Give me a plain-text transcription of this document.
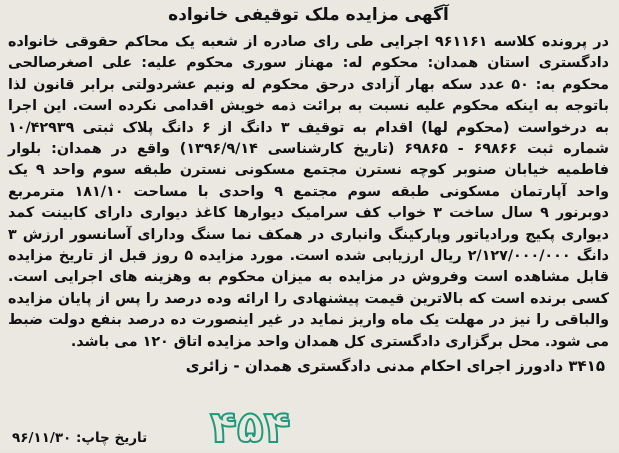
آگهی مزایده ملک توقیفی خانواده

در پرونده کلاسه ۹۶۱۱۶۱ اجرایی طی رای صادره از شعبه یک محاکم حقوقی خانواده دادگستری استان همدان: محکوم له: مهناز سوری محکوم علیه: علی اصغرصالحی محکوم به: ۵۰ عدد سکه بهار آزادی درحق محکوم له ونیم عشردولتی برابر قانون لذا باتوجه به اینکه محکوم علیه نسبت به برائت ذمه خویش اقدامی نکرده است. این اجرا به درخواست (محکوم لها) اقدام به توقیف ۳ دانگ از ۶ دانگ پلاک ثبتی ۱۰/۴۲۹۳۹ شماره ثبت ۶۹۸۶۶ - ۶۹۸۶۵ (تاریخ کارشناسی ۱۳۹۶/۹/۱۴) واقع در همدان: بلوار فاطمیه خیابان صنوبر کوچه نسترن مجتمع مسکونی نسترن طبقه سوم واحد ۹ یک واحد آپارتمان مسکونی طبقه سوم مجتمع ۹ واحدی با مساحت ۱۸۱/۱۰ مترمربع دوبرنور ۹ سال ساخت ۳ خواب کف سرامیک دیوارها کاغذ دیواری دارای کابینت کمد دیواری پکیج ورادیاتور وپارکینگ وانباری در همکف نما سنگ ودارای آسانسور ارزش ۳ دانگ ۲/۱۲۷/۰۰۰/۰۰۰ ریال ارزیابی شده است. مورد مزایده ۵ روز قبل از تاریخ مزایده قابل مشاهده است وفروش در مزایده به میزان محکوم به وهزینه های اجرایی است. کسی برنده است که بالاترین قیمت پیشنهادی را ارائه وده درصد را پس از پایان مزایده والباقی را نیز در مهلت یک ماه واریز نماید در غیر اینصورت ده درصد بنفع دولت ضبط می شود. محل برگزاری دادگستری کل همدان واحد مزایده اتاق ۱۲۰ می باشد.

۳۴۱۵ دادورز اجرای احکام مدنی دادگستری همدان - زائری
۴۵۴
تاریخ چاپ: ۹۶/۱۱/۳۰
